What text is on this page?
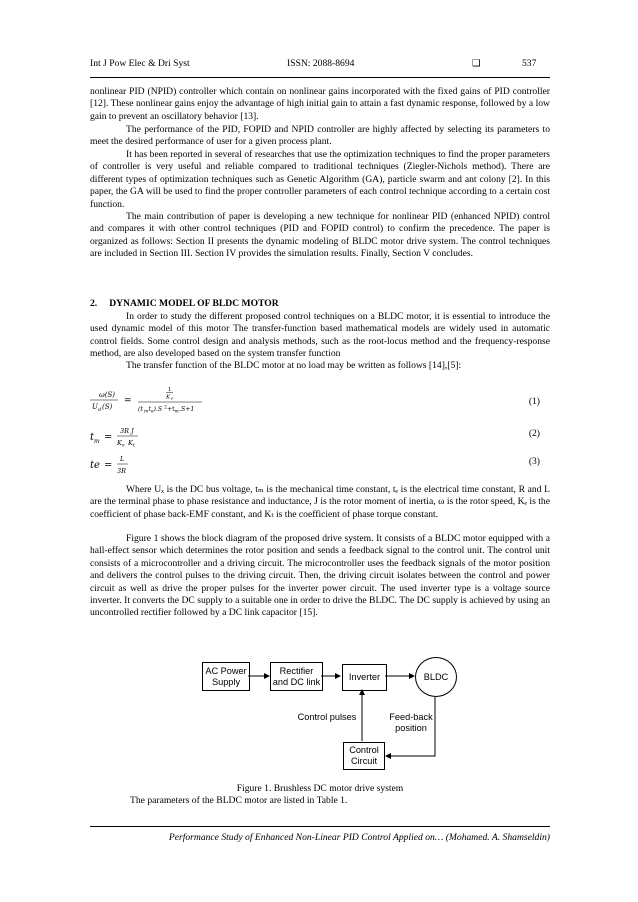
Int J Pow Elec & Dri Syst	ISSN: 2088-8694	❏	537
nonlinear PID (NPID) controller which contain on nonlinear gains incorporated with the fixed gains of PID controller [12]. These nonlinear gains enjoy the advantage of high initial gain to attain a fast dynamic response, followed by a low gain to prevent an oscillatory behavior [13].
The performance of the PID, FOPID and NPID controller are highly affected by selecting its parameters to meet the desired performance of user for a given process plant.
It has been reported in several of researches that use the optimization techniques to find the proper parameters of controller is very useful and reliable compared to traditional techniques (Ziegler-Nichols method). There are different types of optimization techniques such as Genetic Algorithm (GA), particle swarm and ant colony [2]. In this paper, the GA will be used to find the proper controller parameters of each control technique according to a certain cost function.
The main contribution of paper is developing a new technique for nonlinear PID (enhanced NPID) control and compares it with other control techniques (PID and FOPID control) to confirm the precedence. The paper is organized as follows: Section II presents the dynamic modeling of BLDC motor drive system. The control techniques are included in Section III. Section IV provides the simulation results. Finally, Section V concludes.
2.     DYNAMIC MODEL OF BLDC MOTOR
In order to study the different proposed control techniques on a BLDC motor, it is essential to introduce the used dynamic model of this motor The transfer-function based mathematical models are widely used in automatic control fields. Some control design and analysis methods, such as the root-locus method and the frequency-response method, are also developed based on the system transfer function
The transfer function of the BLDC motor at no load may be written as follows [14],[5]:
ω(S)
U d (S)
=
1
K e
(t m t e ).S 2 +t m .S+1
(1)
t m =
3R J
K e K t
(2)
te =
L
3R
(3)
Where Uₓ is the DC bus voltage, tₘ is the mechanical time constant, tₑ is the electrical time constant, R and L are the terminal phase to phase resistance and inductance, J is the rotor moment of inertia, ω is the rotor speed, Kₑ is the coefficient of phase back-EMF constant, and Kₜ is the coefficient of phase torque constant.
Figure 1 shows the block diagram of the proposed drive system. It consists of a BLDC motor equipped with a hall-effect sensor which determines the rotor position and sends a feedback signal to the control unit. The control unit consists of a microcontroller and a driving circuit. The microcontroller uses the feedback signals of the motor position and delivers the control pulses to the driving circuit. Then, the driving circuit isolates between the control and power circuit as well as drive the proper pulses for the inverter power circuit. The used inverter type is a voltage source inverter. It converts the DC supply to a suitable one in order to drive the BLDC. The DC supply is achieved by using an uncontrolled rectifier followed by a DC link capacitor [15].
AC Power Supply
Rectifier and DC link	Inverter	BLDC
Control Circuit
Control pulses	Feed-back position
Figure 1. Brushless DC motor drive system
The parameters of the BLDC motor are listed in Table 1.
Performance Study of Enhanced Non-Linear PID Control Applied on… (Mohamed. A. Shamseldin)
